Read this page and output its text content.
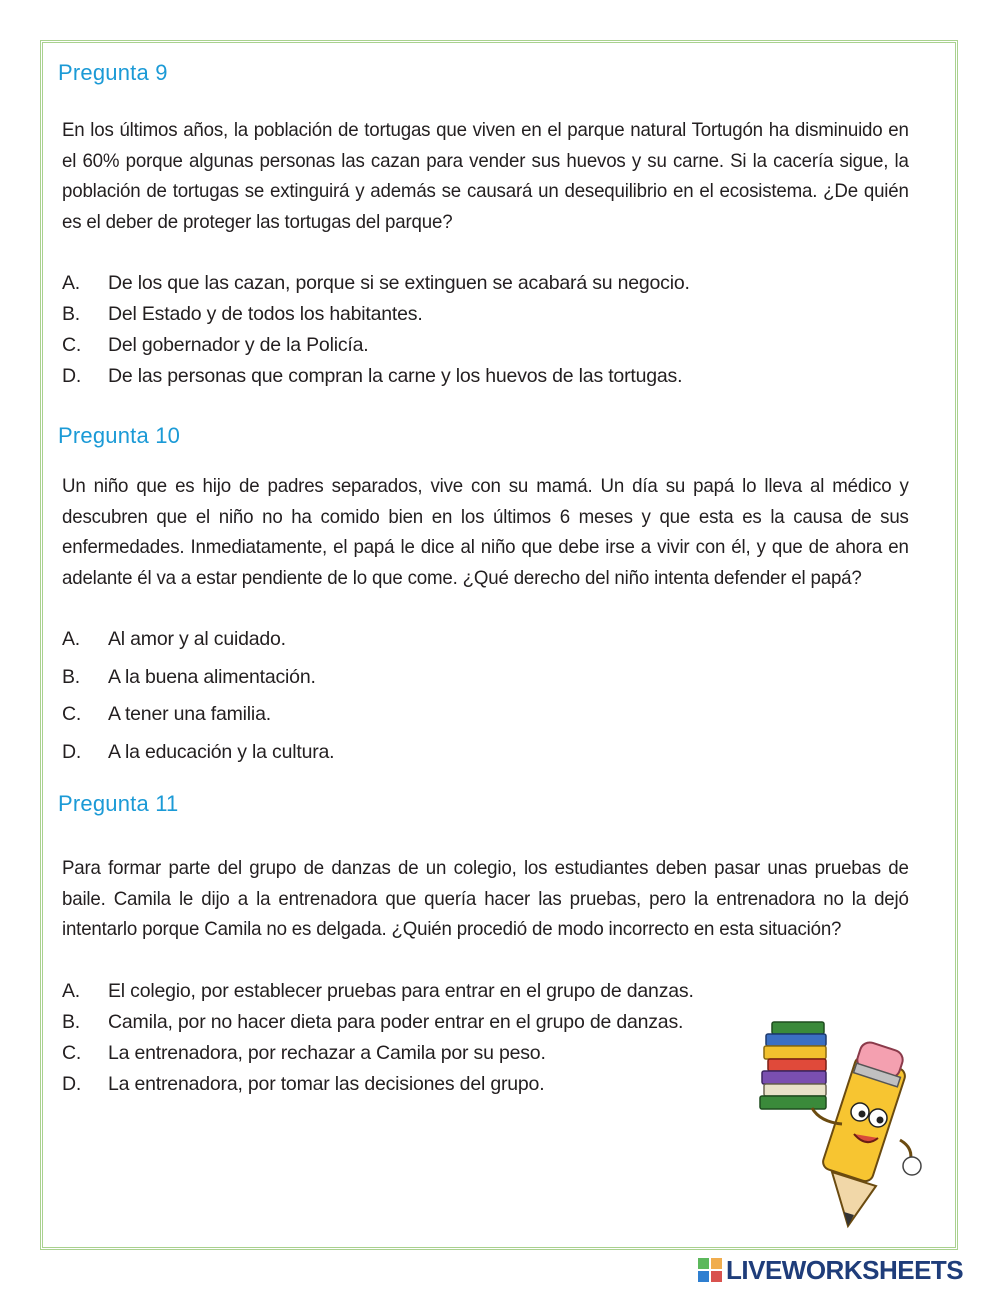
Pregunta 9

En los últimos años, la población de tortugas que viven en el parque natural Tortugón ha disminuido en el 60% porque algunas personas las cazan para vender sus huevos y su carne. Si la cacería sigue, la población de tortugas se extinguirá y además se causará un desequilibrio en el ecosistema. ¿De quién es el deber de proteger las tortugas del parque?

A.	De los que las cazan, porque si se extinguen se acabará su negocio.
B.	Del Estado y de todos los habitantes.
C.	Del gobernador y de la Policía.
D.	De las personas que compran la carne y los huevos de las tortugas.
Pregunta 10

Un niño que es hijo de padres separados, vive con su mamá. Un día su papá lo lleva al médico y descubren que el niño no ha comido bien en los últimos 6 meses y que esta es la causa de sus enfermedades. Inmediatamente, el papá le dice al niño que debe irse a vivir con él, y que de ahora en adelante él va a estar pendiente de lo que come. ¿Qué derecho del niño intenta defender el papá?

A.	Al amor y al cuidado.
B.	A la buena alimentación.
C.	A tener una familia.
D.	A la educación y la cultura.
Pregunta 11

Para formar parte del grupo de danzas de un colegio, los estudiantes deben pasar unas pruebas de baile. Camila le dijo a la entrenadora que quería hacer las pruebas, pero la entrenadora no la dejó intentarlo porque Camila no es delgada. ¿Quién procedió de modo incorrecto en esta situación?

A.	El colegio, por establecer pruebas para entrar en el grupo de danzas.
B.	Camila, por no hacer dieta para poder entrar en el grupo de danzas.
C.	La entrenadora, por rechazar a Camila por su peso.
D.	La entrenadora, por tomar las decisiones del grupo.
LIVEWORKSHEETS
